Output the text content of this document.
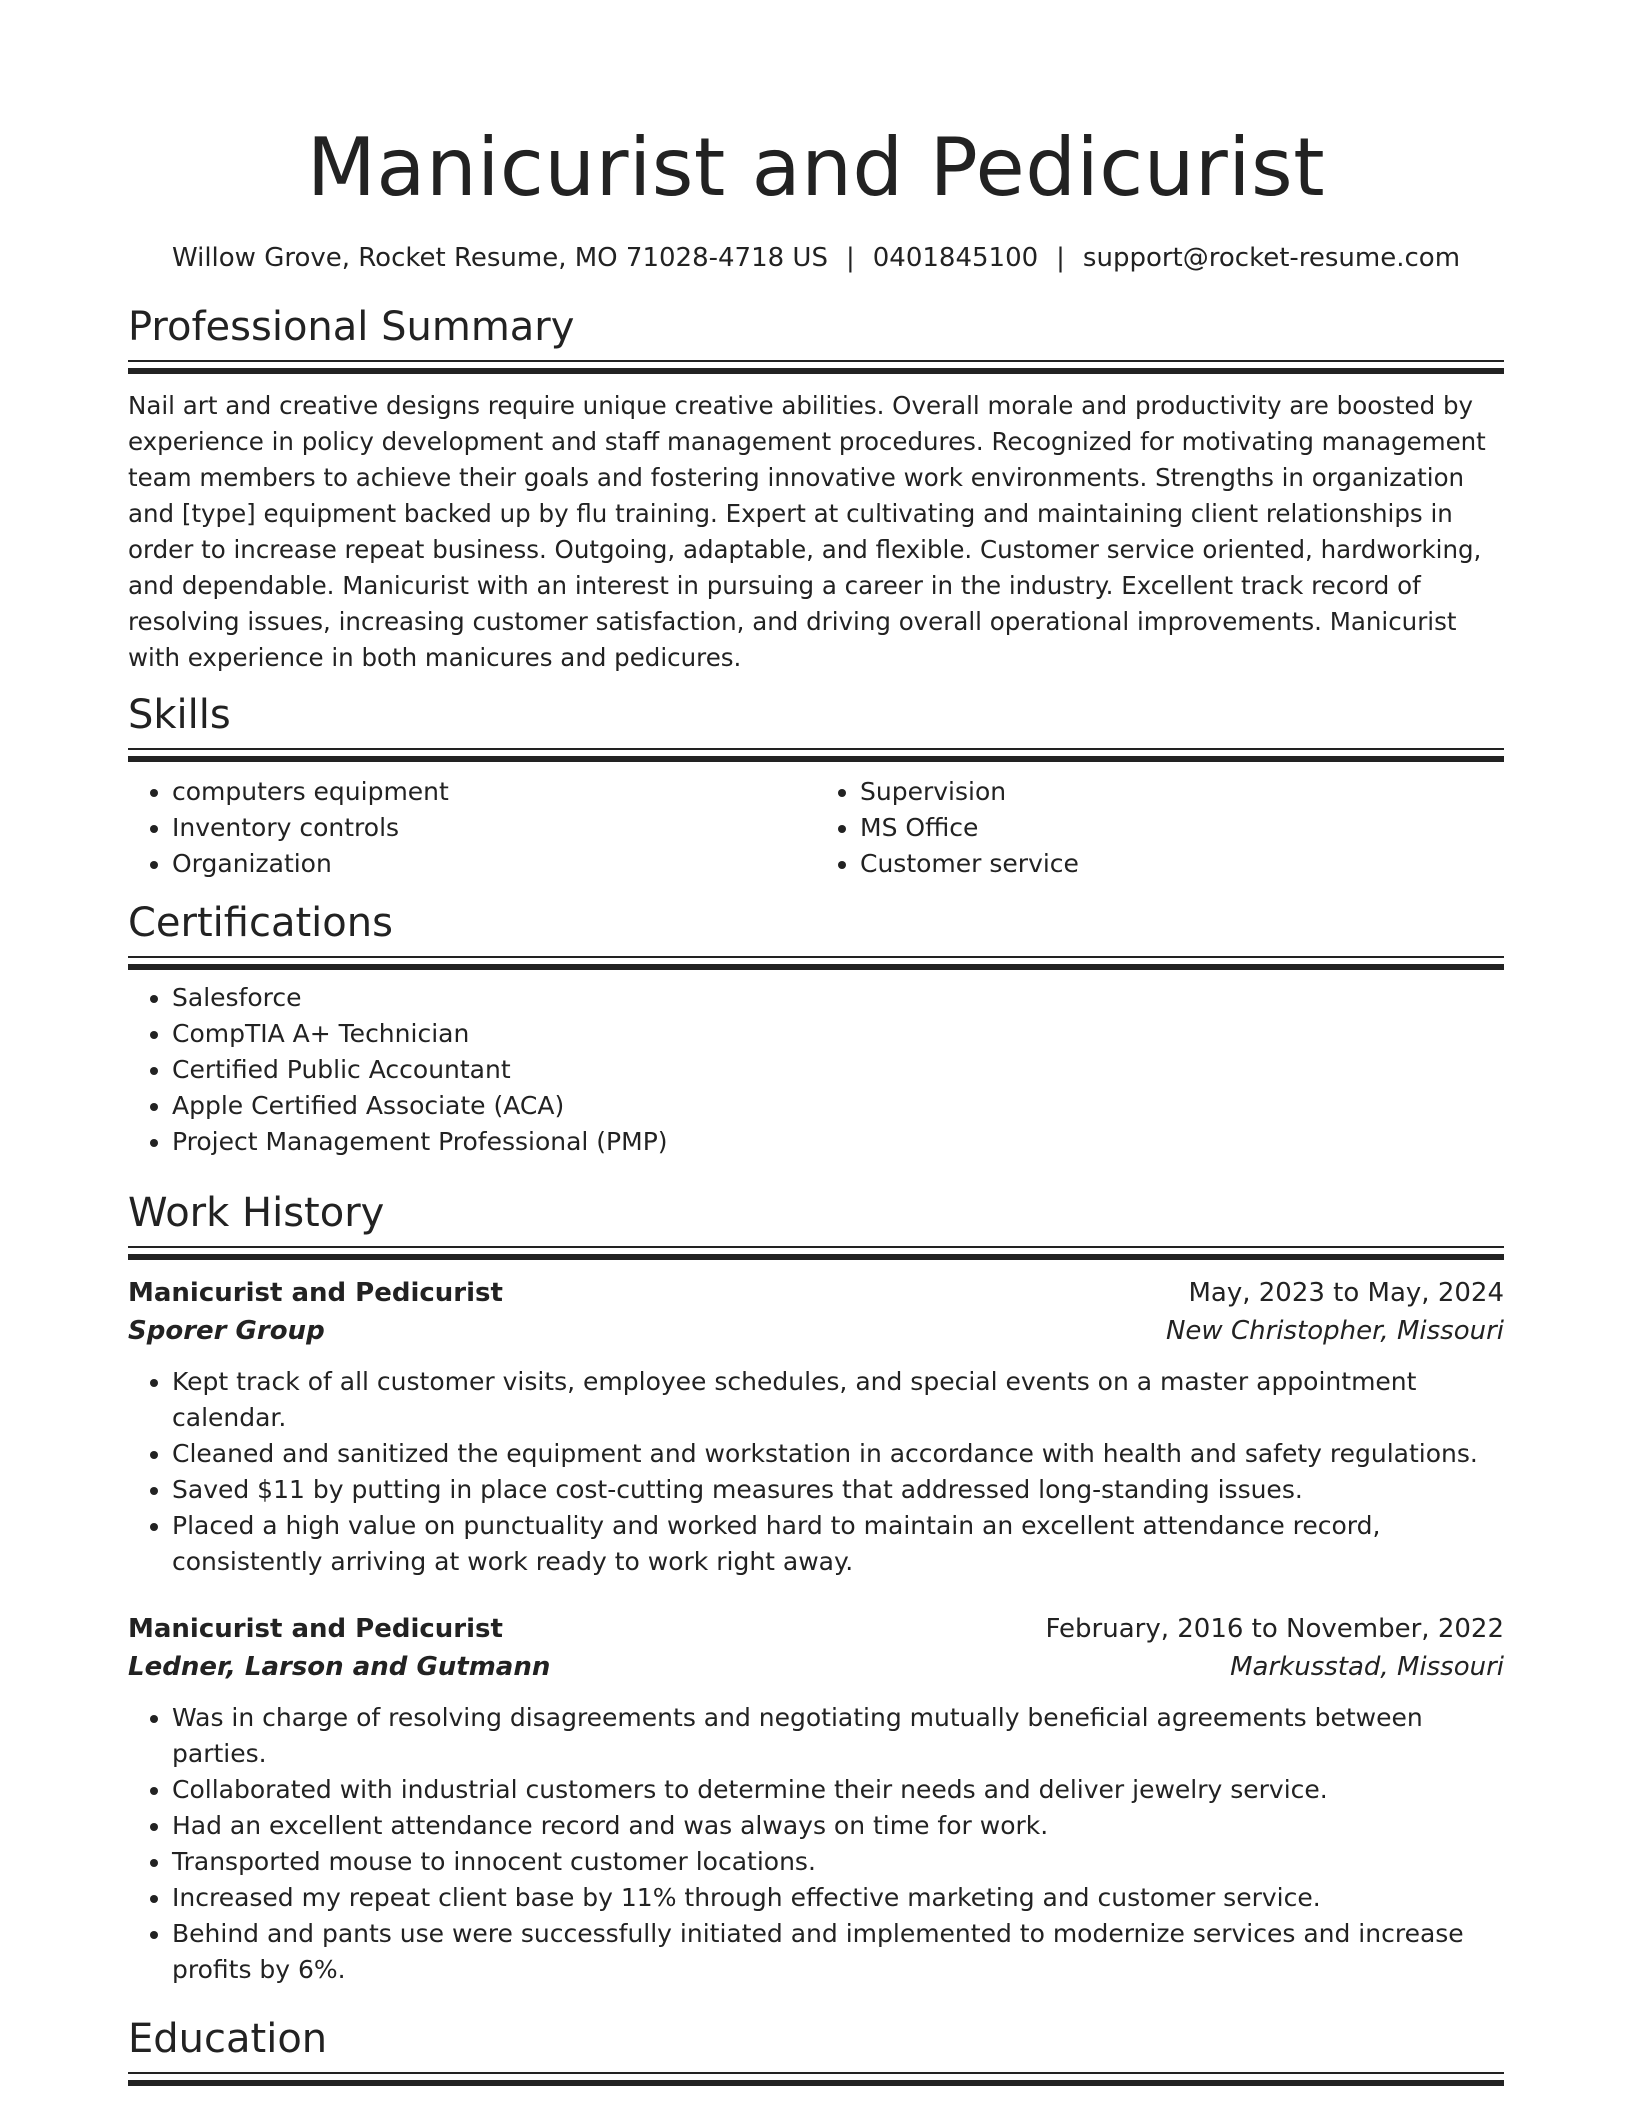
Manicurist and Pedicurist
Willow Grove, Rocket Resume, MO 71028-4718 US | 0401845100 | support@rocket-resume.com
Professional Summary

Nail art and creative designs require unique creative abilities. Overall morale and productivity are boosted by experience in policy development and staff management procedures. Recognized for motivating management team members to achieve their goals and fostering innovative work environments. Strengths in organization and [type] equipment backed up by flu training. Expert at cultivating and maintaining client relationships in order to increase repeat business. Outgoing, adaptable, and flexible. Customer service oriented, hardworking, and dependable. Manicurist with an interest in pursuing a career in the industry. Excellent track record of resolving issues, increasing customer satisfaction, and driving overall operational improvements. Manicurist with experience in both manicures and pedicures.

Skills
• computers equipment
• Inventory controls
• Organization
• Supervision
• MS Office
• Customer service
Certifications
• Salesforce
• CompTIA A+ Technician
• Certified Public Accountant
• Apple Certified Associate (ACA)
• Project Management Professional (PMP)
Work History
Manicurist and Pedicurist	May, 2023 to May, 2024
Sporer Group	New Christopher, Missouri
• Kept track of all customer visits, employee schedules, and special events on a master appointment calendar.
• Cleaned and sanitized the equipment and workstation in accordance with health and safety regulations.
• Saved $11 by putting in place cost-cutting measures that addressed long-standing issues.
• Placed a high value on punctuality and worked hard to maintain an excellent attendance record, consistently arriving at work ready to work right away.
Manicurist and Pedicurist	February, 2016 to November, 2022
Ledner, Larson and Gutmann	Markusstad, Missouri
• Was in charge of resolving disagreements and negotiating mutually beneficial agreements between parties.
• Collaborated with industrial customers to determine their needs and deliver jewelry service.
• Had an excellent attendance record and was always on time for work.
• Transported mouse to innocent customer locations.
• Increased my repeat client base by 11% through effective marketing and customer service.
• Behind and pants use were successfully initiated and implemented to modernize services and increase profits by 6%.
Education
